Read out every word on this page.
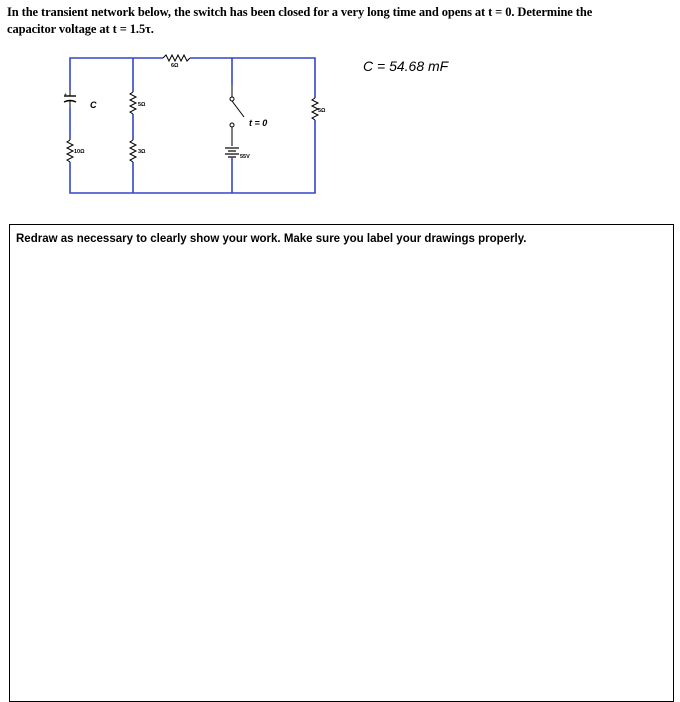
In the transient network below, the switch has been closed for a very long time and opens at t = 0. Determine the
capacitor voltage at t = 1.5τ.
+
C
6Ω
5Ω
10Ω	3Ω
5Ω
t = 0
55V
C = 54.68 mF
Redraw as necessary to clearly show your work. Make sure you label your drawings properly.
